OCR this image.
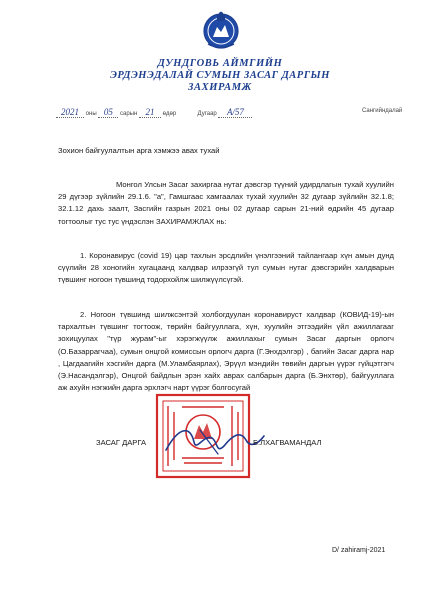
ДУНДГОВЬ АЙМГИЙН
ЭРДЭНЭДАЛАЙ СУМЫН ЗАСАГ ДАРГЫН
ЗАХИРАМЖ
2021 оны 05 сарын 21 өдөр	Дугаар А/57	Сангийндалай
Зохион байгуулалтын арга хэмжээ авах тухай
Монгол Улсын Засаг захиргаа нутаг дэвсгэр түүний удирдлагын тухай хуулийн 29 дүгээр зүйлийн 29.1.6. "а", Гамшгаас хамгаалах тухай хуулийн 32 дугаар зүйлийн 32.1.8; 32.1.12 дахь заалт, Засгийн газрын 2021 оны 02 дугаар сарын 21-ний өдрийн 45 дугаар тогтоолыг тус тус үндэслэн ЗАХИРАМЖЛАХ нь:
1. Коронавирус (covid 19) цар тахлын эрсдлийн үнэлгээний тайлангаар хүн амын дунд сүүлийн 28 хоногийн хугацаанд халдвар илрээгүй тул сумын нутаг дэвсгэрийн халдварын түвшинг ногоон түвшинд тодорхойлж шилжүүлсүгэй.
2. Ногоон түвшинд шилжсэнтэй холбогдуулан коронавируст халдвар (КОВИД-19)-ын тархалтын түвшинг тогтоож, төрийн байгууллага, хүн, хуулийн этгээдийн үйл ажиллагааг зохицуулах "түр журам"-ыг хэрэгжүүлж ажиллахыг сумын Засаг даргын орлогч (О.Базаррагчаа), сумын онцгой комиссын орлогч дарга (Г.Энхдэлгэр) , багийн Засаг дарга нар , Цагдаагийн хэсгийн дарга (М.Уламбаярлах), Эрүүл мэндийн төвийн даргын үүрэг гүйцэтгэгч (Э.Насандэлгэр), Онцгой байдлын эрэн хайх аврах салбарын дарга (Б.Энхтөр), байгууллага аж ахуйн нэгжийн дарга эрхлэгч нарт үүрэг болгосугай
ЗАСАГ ДАРГА	Б.ЛХАГВАМАНДАЛ
D/ zahiramj-2021
